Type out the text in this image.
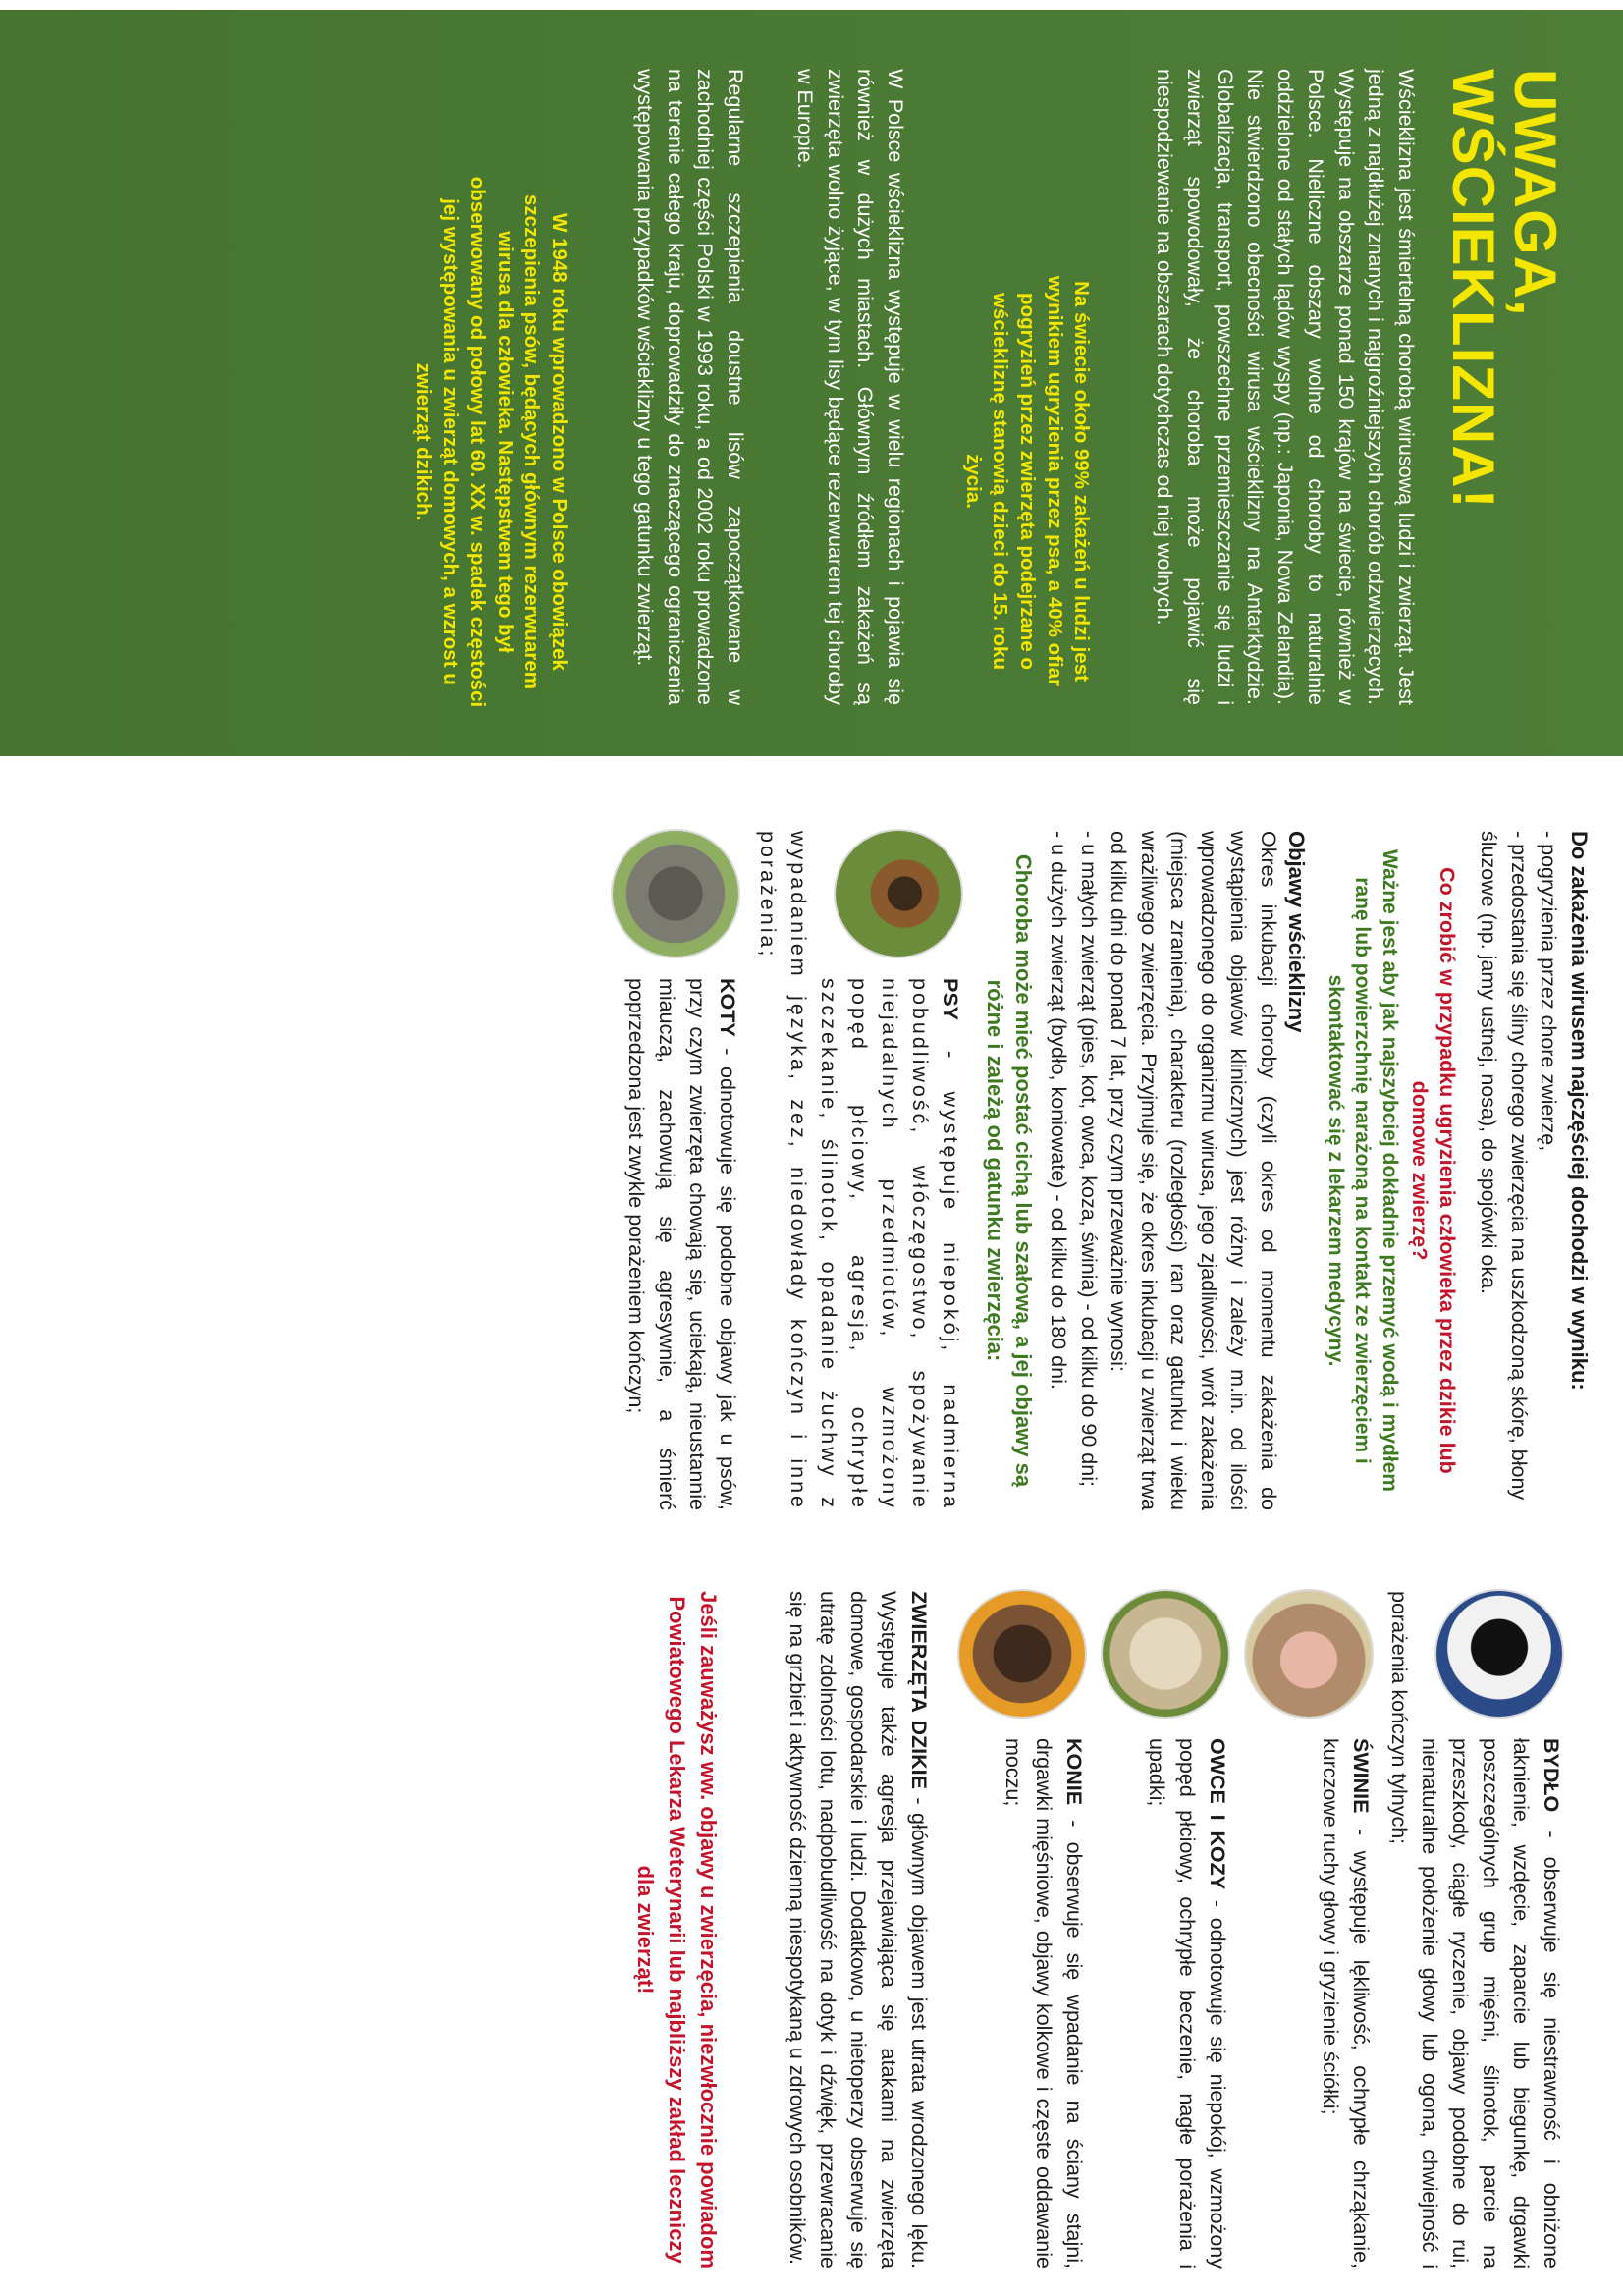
UWAGA, WŚCIEKLIZNA!

Wścieklizna jest śmiertelną chorobą wirusową ludzi i zwierząt. Jest jedną z najdłużej znanych i najgroźniejszych chorób odzwierzęcych. Występuje na obszarze ponad 150 krajów na świecie, również w Polsce. Nieliczne obszary wolne od choroby to naturalnie oddzielone od stałych lądów wyspy (np.: Japonia, Nowa Zelandia). Nie stwierdzono obecności wirusa wścieklizny na Antarktydzie. Globalizacja, transport, powszechne przemieszczanie się ludzi i zwierząt spowodowały, że choroba może pojawić się niespodziewanie na obszarach dotychczas od niej wolnych.

Na świecie około 99% zakażeń u ludzi jest wynikiem ugryzienia przez psa, a 40% ofiar pogryzień przez zwierzęta podejrzane o wściekliznę stanowią dzieci do 15. roku życia.

W Polsce wścieklizna występuje w wielu regionach i pojawia się również w dużych miastach. Głównym źródłem zakażeń są zwierzęta wolno żyjące, w tym lisy będące rezerwuarem tej choroby w Europie.

Regularne szczepienia doustne lisów zapoczątkowane w zachodniej części Polski w 1993 roku, a od 2002 roku prowadzone na terenie całego kraju, doprowadziły do znaczącego ograniczenia występowania przypadków wścieklizny u tego gatunku zwierząt.

W 1948 roku wprowadzono w Polsce obowiązek szczepienia psów, będących głównym rezerwuarem wirusa dla człowieka. Następstwem tego był obserwowany od połowy lat 60. XX w. spadek częstości jej występowania u zwierząt domowych, a wzrost u zwierząt dzikich.

Do zakażenia wirusem najczęściej dochodzi w wyniku:

- pogryzienia przez chore zwierzę,
- przedostania się śliny chorego zwierzęcia na uszkodzoną skórę, błony śluzowe (np. jamy ustnej, nosa), do spojówki oka.

Co zrobić w przypadku ugryzienia człowieka przez dzikie lub domowe zwierzę?

Ważne jest aby jak najszybciej dokładnie przemyć wodą i mydłem ranę lub powierzchnię narażoną na kontakt ze zwierzęciem i skontaktować się z lekarzem medycyny.

Objawy wścieklizny

Okres inkubacji choroby (czyli okres od momentu zakażenia do wystąpienia objawów klinicznych) jest różny i zależy m.in. od ilości wprowadzonego do organizmu wirusa, jego zjadliwości, wrót zakażenia (miejsca zranienia), charakteru (rozległości) ran oraz gatunku i wieku wrażliwego zwierzęcia. Przyjmuje się, że okres inkubacji u zwierząt trwa od kilku dni do ponad 7 lat, przy czym przeważnie wynosi:

- u małych zwierząt (pies, kot, owca, koza, świnia) - od kilku do 90 dni;
- u dużych zwierząt (bydło, koniowate) - od kilku do 180 dni.

Choroba może mieć postać cichą lub szałową, a jej objawy są różne i zależą od gatunku zwierzęcia:

PSY - występuje niepokój, nadmierna pobudliwość, włóczęgostwo, spożywanie niejadalnych przedmiotów, wzmożony popęd płciowy, agresja, ochrypłe szczekanie, ślinotok, opadanie żuchwy z wypadaniem języka, zez, niedowłady kończyn i inne porażenia;

KOTY - odnotowuje się podobne objawy jak u psów, przy czym zwierzęta chowają się, uciekają, nieustannie miauczą, zachowują się agresywnie, a śmierć poprzedzona jest zwykle porażeniem kończyn;

BYDŁO - obserwuje się niestrawność i obniżone łaknienie, wzdęcie, zaparcie lub biegunkę, drgawki poszczególnych grup mięśni, ślinotok, parcie na przeszkody, ciągłe ryczenie, objawy podobne do rui, nienaturalne położenie głowy lub ogona, chwiejność i porażenia kończyn tylnych;

ŚWINIE - występuje lękliwość, ochrypłe chrząkanie, kurczowe ruchy głowy i gryzienie ściółki;

OWCE I KOZY - odnotowuje się niepokój, wzmożony popęd płciowy, ochrypłe beczenie, nagłe porażenia i upadki;

KONIE - obserwuje się wpadanie na ściany stajni, drgawki mięśniowe, objawy kolkowe i częste oddawanie moczu;

ZWIERZĘTA DZIKIE - głównym objawem jest utrata wrodzonego lęku. Występuje także agresja przejawiająca się atakami na zwierzęta domowe, gospodarskie i ludzi. Dodatkowo, u nietoperzy obserwuje się utratę zdolności lotu, nadpobudliwość na dotyk i dźwięk, przewracanie się na grzbiet i aktywność dzienną niespotykaną u zdrowych osobników.

Jeśli zauważysz ww. objawy u zwierzęcia, niezwłocznie powiadom Powiatowego Lekarza Weterynarii lub najbliższy zakład leczniczy dla zwierząt!
